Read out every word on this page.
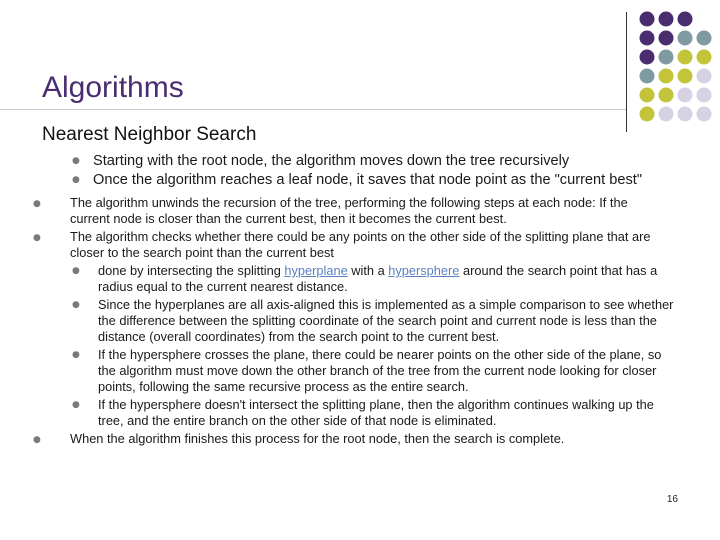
Algorithms
Nearest Neighbor Search
● Starting with the root node, the algorithm moves down the tree recursively
● Once the algorithm reaches a leaf node, it saves that node point as the "current best"
● The algorithm unwinds the recursion of the tree, performing the following steps at each node: If the current node is closer than the current best, then it becomes the current best.
● The algorithm checks whether there could be any points on the other side of the splitting plane that are closer to the search point than the current best
● done by intersecting the splitting hyperplane with a hypersphere around the search point that has a radius equal to the current nearest distance.
● Since the hyperplanes are all axis-aligned this is implemented as a simple comparison to see whether the difference between the splitting coordinate of the search point and current node is less than the distance (overall coordinates) from the search point to the current best.
● If the hypersphere crosses the plane, there could be nearer points on the other side of the plane, so the algorithm must move down the other branch of the tree from the current node looking for closer points, following the same recursive process as the entire search.
● If the hypersphere doesn't intersect the splitting plane, then the algorithm continues walking up the tree, and the entire branch on the other side of that node is eliminated.
● When the algorithm finishes this process for the root node, then the search is complete.
16
